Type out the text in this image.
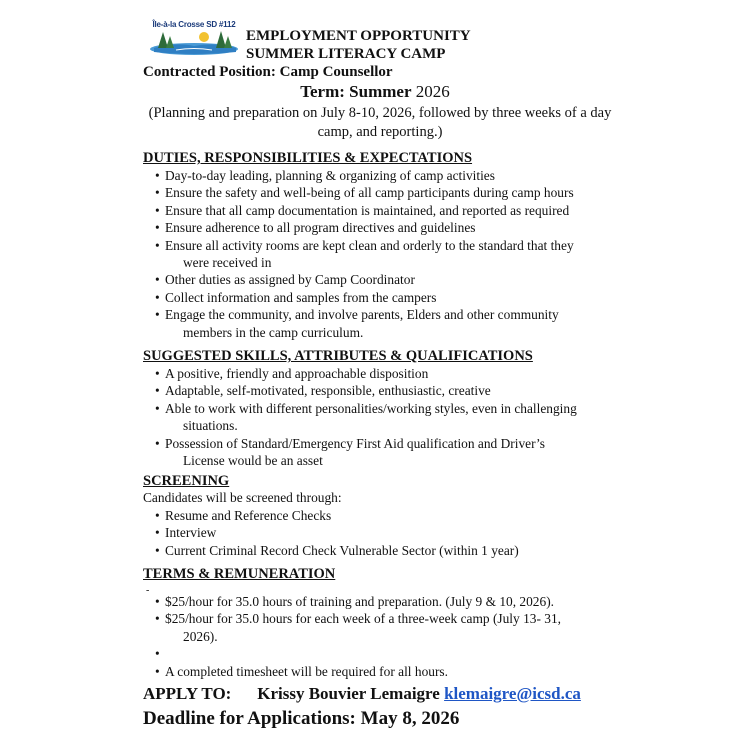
Île-à-la Crosse SD #112
EMPLOYMENT OPPORTUNITY
SUMMER LITERACY CAMP
Contracted Position: Camp Counsellor
Term: Summer 2026
(Planning and preparation on July 8-10, 2026, followed by three weeks of a day camp, and reporting.)
DUTIES, RESPONSIBILITIES & EXPECTATIONS
• Day-to-day leading, planning & organizing of camp activities
• Ensure the safety and well-being of all camp participants during camp hours
• Ensure that all camp documentation is maintained, and reported as required
• Ensure adherence to all program directives and guidelines
• Ensure all activity rooms are kept clean and orderly to the standard that they
were received in
• Other duties as assigned by Camp Coordinator
• Collect information and samples from the campers
• Engage the community, and involve parents, Elders and other community
members in the camp curriculum.
SUGGESTED SKILLS, ATTRIBUTES & QUALIFICATIONS
• A positive, friendly and approachable disposition
• Adaptable, self-motivated, responsible, enthusiastic, creative
• Able to work with different personalities/working styles, even in challenging
situations.
• Possession of Standard/Emergency First Aid qualification and Driver’s
License would be an asset
SCREENING
Candidates will be screened through:
• Resume and Reference Checks
• Interview
• Current Criminal Record Check Vulnerable Sector (within 1 year)
TERMS & REMUNERATION
-
• $25/hour for 35.0 hours of training and preparation. (July 9 & 10, 2026).
• $25/hour for 35.0 hours for each week of a three-week camp (July 13- 31,
2026).
•
• A completed timesheet will be required for all hours.
APPLY TO: Krissy Bouvier Lemaigre klemaigre@icsd.ca
Deadline for Applications: May 8, 2026
